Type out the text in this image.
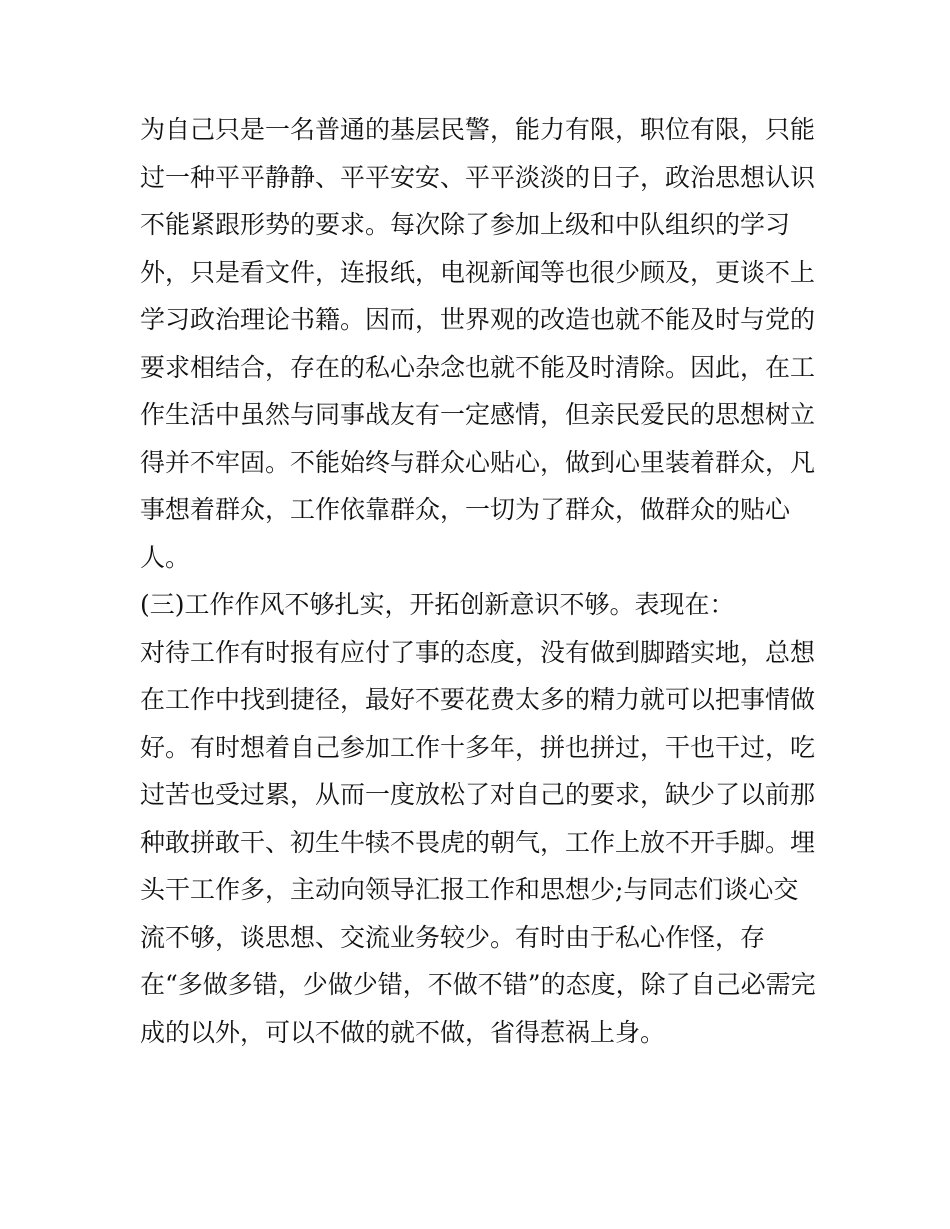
为自己只是一名普通的基层民警，能力有限，职位有限，只能
过一种平平静静、平平安安、平平淡淡的日子，政治思想认识
不能紧跟形势的要求。每次除了参加上级和中队组织的学习
外，只是看文件，连报纸，电视新闻等也很少顾及，更谈不上
学习政治理论书籍。因而，世界观的改造也就不能及时与党的
要求相结合，存在的私心杂念也就不能及时清除。因此，在工
作生活中虽然与同事战友有一定感情，但亲民爱民的思想树立
得并不牢固。不能始终与群众心贴心，做到心里装着群众，凡
事想着群众，工作依靠群众，一切为了群众，做群众的贴心
人。
(三)工作作风不够扎实，开拓创新意识不够。表现在：
对待工作有时报有应付了事的态度，没有做到脚踏实地，总想
在工作中找到捷径，最好不要花费太多的精力就可以把事情做
好。有时想着自己参加工作十多年，拼也拼过，干也干过，吃
过苦也受过累，从而一度放松了对自己的要求，缺少了以前那
种敢拼敢干、初生牛犊不畏虎的朝气，工作上放不开手脚。埋
头干工作多，主动向领导汇报工作和思想少;与同志们谈心交
流不够，谈思想、交流业务较少。有时由于私心作怪，存
在“多做多错，少做少错，不做不错”的态度，除了自己必需完
成的以外，可以不做的就不做，省得惹祸上身。
